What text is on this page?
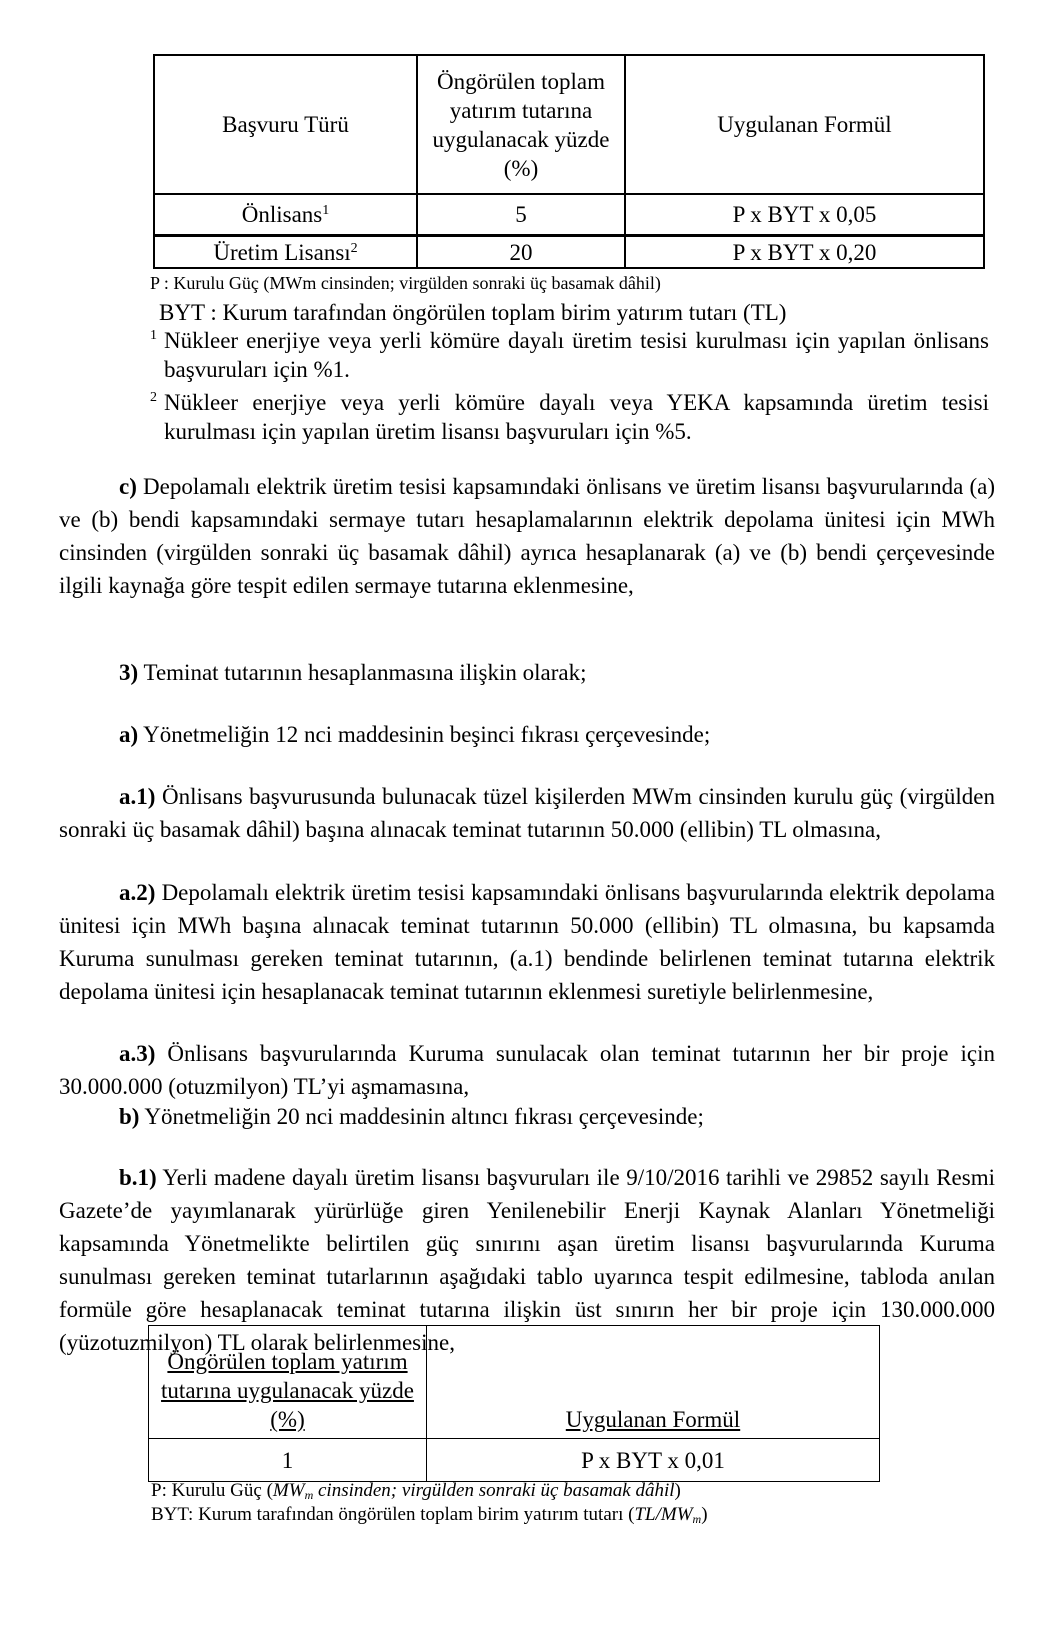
Başvuru Türü	Öngörülen toplam yatırım tutarına uygulanacak yüzde (%)	Uygulanan Formül
Önlisans$^1$	5	P x BYT x 0,05
Üretim Lisansı$^2$	20	P x BYT x 0,20
P : Kurulu Güç (MWm cinsinden; virgülden sonraki üç basamak dâhil)
BYT : Kurum tarafından öngörülen toplam birim yatırım tutarı (TL)
1 Nükleer enerjiye veya yerli kömüre dayalı üretim tesisi kurulması için yapılan önlisans başvuruları için %1.
2 Nükleer enerjiye veya yerli kömüre dayalı veya YEKA kapsamında üretim tesisi kurulması için yapılan üretim lisansı başvuruları için %5.

c) Depolamalı elektrik üretim tesisi kapsamındaki önlisans ve üretim lisansı başvurularında (a) ve (b) bendi kapsamındaki sermaye tutarı hesaplamalarının elektrik depolama ünitesi için MWh cinsinden (virgülden sonraki üç basamak dâhil) ayrıca hesaplanarak (a) ve (b) bendi çerçevesinde ilgili kaynağa göre tespit edilen sermaye tutarına eklenmesine,

3) Teminat tutarının hesaplanmasına ilişkin olarak;

a) Yönetmeliğin 12 nci maddesinin beşinci fıkrası çerçevesinde;

a.1) Önlisans başvurusunda bulunacak tüzel kişilerden MWm cinsinden kurulu güç (virgülden sonraki üç basamak dâhil) başına alınacak teminat tutarının 50.000 (ellibin) TL olmasına,

a.2) Depolamalı elektrik üretim tesisi kapsamındaki önlisans başvurularında elektrik depolama ünitesi için MWh başına alınacak teminat tutarının 50.000 (ellibin) TL olmasına, bu kapsamda Kuruma sunulması gereken teminat tutarının, (a.1) bendinde belirlenen teminat tutarına elektrik depolama ünitesi için hesaplanacak teminat tutarının eklenmesi suretiyle belirlenmesine,

a.3) Önlisans başvurularında Kuruma sunulacak olan teminat tutarının her bir proje için 30.000.000 (otuzmilyon) TL’yi aşmamasına,

b) Yönetmeliğin 20 nci maddesinin altıncı fıkrası çerçevesinde;

b.1) Yerli madene dayalı üretim lisansı başvuruları ile 9/10/2016 tarihli ve 29852 sayılı Resmi Gazete’de yayımlanarak yürürlüğe giren Yenilenebilir Enerji Kaynak Alanları Yönetmeliği kapsamında Yönetmelikte belirtilen güç sınırını aşan üretim lisansı başvurularında Kuruma sunulması gereken teminat tutarlarının aşağıdaki tablo uyarınca tespit edilmesine, tabloda anılan formüle göre hesaplanacak teminat tutarına ilişkin üst sınırın her bir proje için 130.000.000 (yüzotuzmilyon) TL olarak belirlenmesine,

Öngörülen toplam yatırım tutarına uygulanacak yüzde (%)	Uygulanan Formül
1	P x BYT x 0,01
P: Kurulu Güç ($MW_m$ cinsinden; virgülden sonraki üç basamak dâhil)
BYT: Kurum tarafından öngörülen toplam birim yatırım tutarı $(TL/MW_m)$
